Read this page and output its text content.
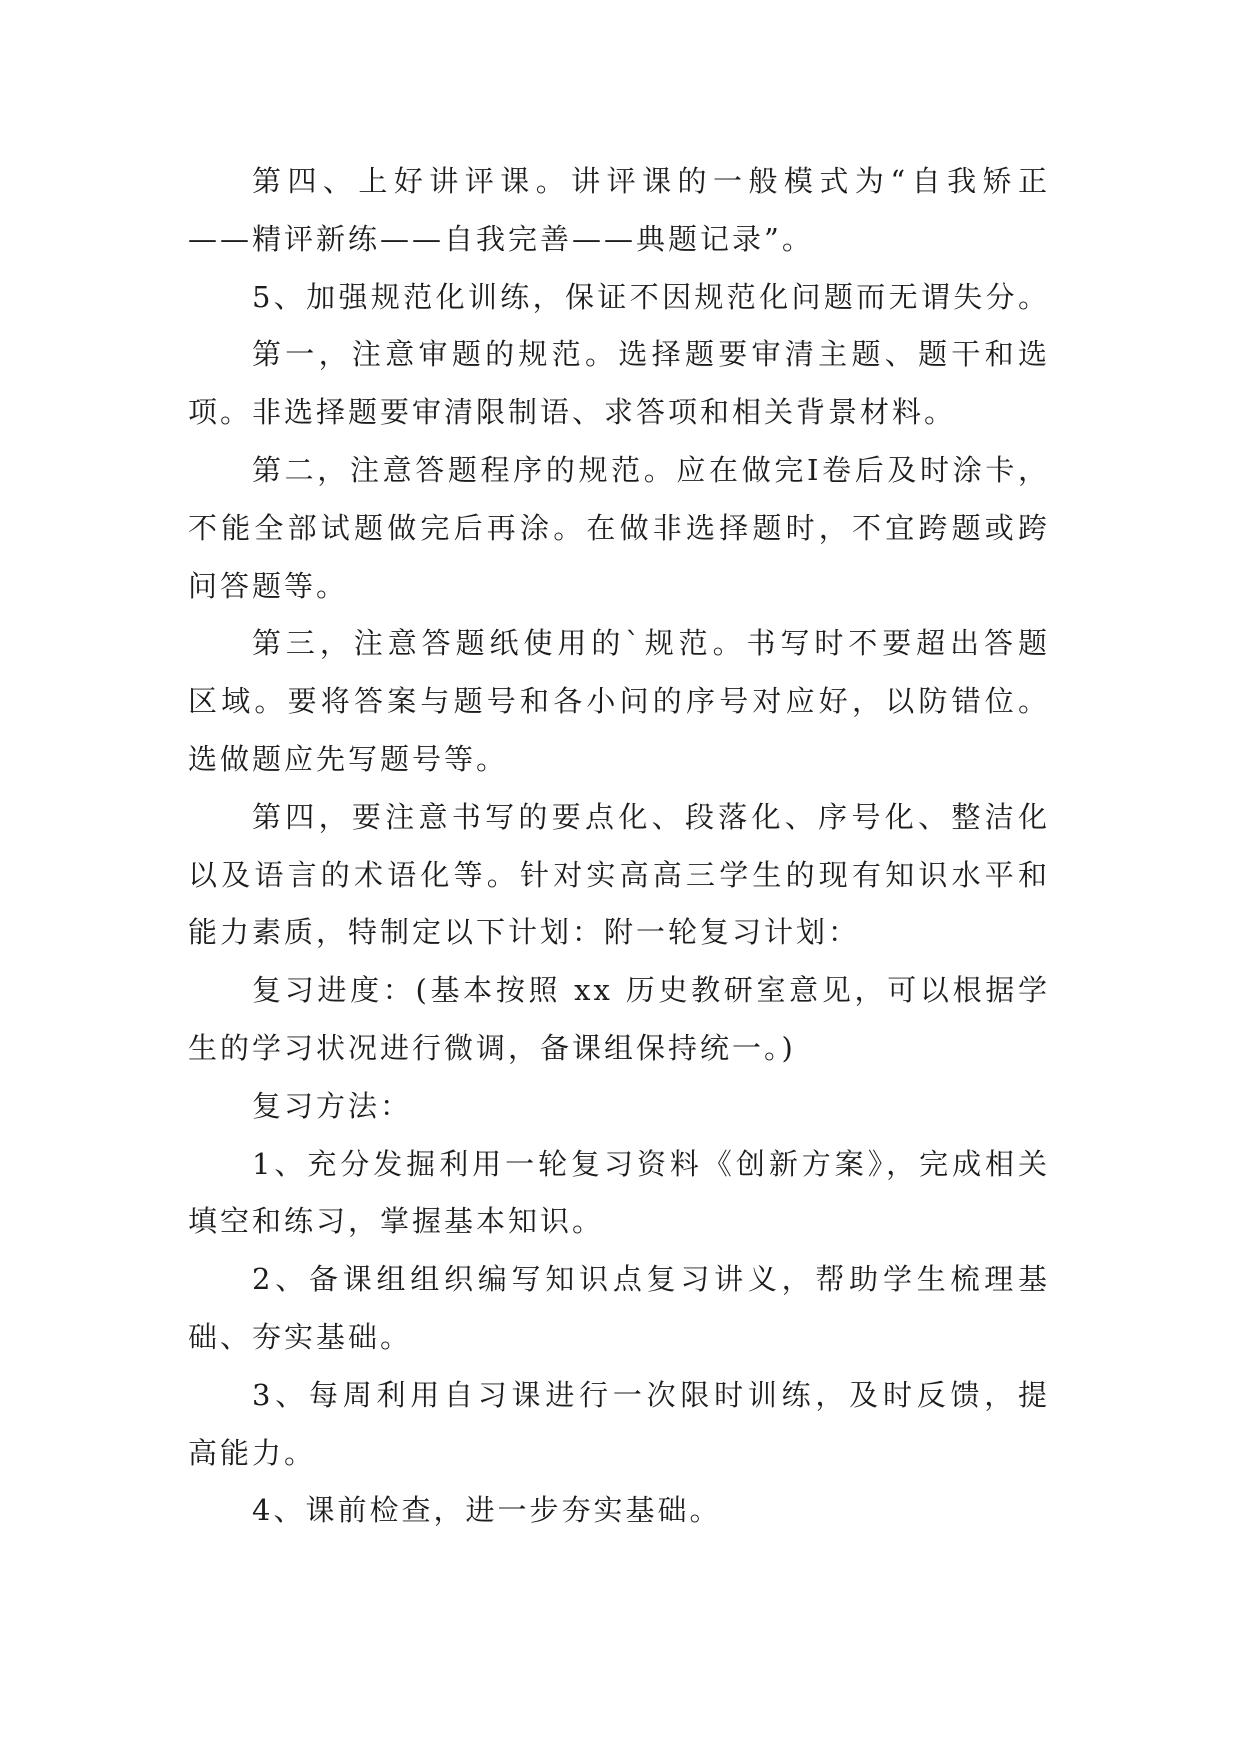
第四、上好讲评课。讲评课的一般模式为“自我矫正
——精评新练——自我完善——典题记录”。
5、加强规范化训练，保证不因规范化问题而无谓失分。
第一，注意审题的规范。选择题要审清主题、题干和选
项。非选择题要审清限制语、求答项和相关背景材料。
第二，注意答题程序的规范。应在做完Ⅰ卷后及时涂卡，
不能全部试题做完后再涂。在做非选择题时，不宜跨题或跨
问答题等。
第三，注意答题纸使用的`规范。书写时不要超出答题
区域。要将答案与题号和各小问的序号对应好，以防错位。
选做题应先写题号等。
第四，要注意书写的要点化、段落化、序号化、整洁化
以及语言的术语化等。针对实高高三学生的现有知识水平和
能力素质，特制定以下计划：附一轮复习计划：
复习进度：(基本按照 xx 历史教研室意见，可以根据学
生的学习状况进行微调，备课组保持统一。)
复习方法：
1、充分发掘利用一轮复习资料《创新方案》，完成相关
填空和练习，掌握基本知识。
2、备课组组织编写知识点复习讲义，帮助学生梳理基
础、夯实基础。
3、每周利用自习课进行一次限时训练，及时反馈，提
高能力。
4、课前检查，进一步夯实基础。
